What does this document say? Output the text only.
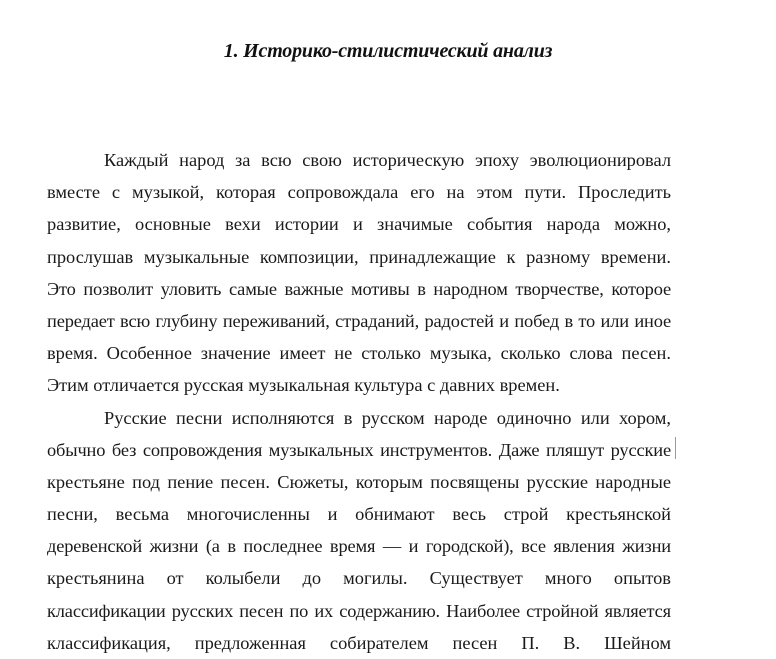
1. Историко-стилистический анализ

Каждый народ за всю свою историческую эпоху эволюционировал
вместе с музыкой, которая сопровождала его на этом пути. Проследить
развитие, основные вехи истории и значимые события народа можно,
прослушав музыкальные композиции, принадлежащие к разному времени.
Это позволит уловить самые важные мотивы в народном творчестве, которое
передает всю глубину переживаний, страданий, радостей и побед в то или иное
время. Особенное значение имеет не столько музыка, сколько слова песен.
Этим отличается русская музыкальная культура с давних времен.

Русские песни исполняются в русском народе одиночно или хором,
обычно без сопровождения музыкальных инструментов. Даже пляшут русские
крестьяне под пение песен. Сюжеты, которым посвящены русские народные
песни, весьма многочисленны и обнимают весь строй крестьянской
деревенской жизни (а в последнее время — и городской), все явления жизни
крестьянина от колыбели до могилы. Существует много опытов
классификации русских песен по их содержанию. Наиболее стройной является
классификация, предложенная собирателем песен П. В. Шейном
